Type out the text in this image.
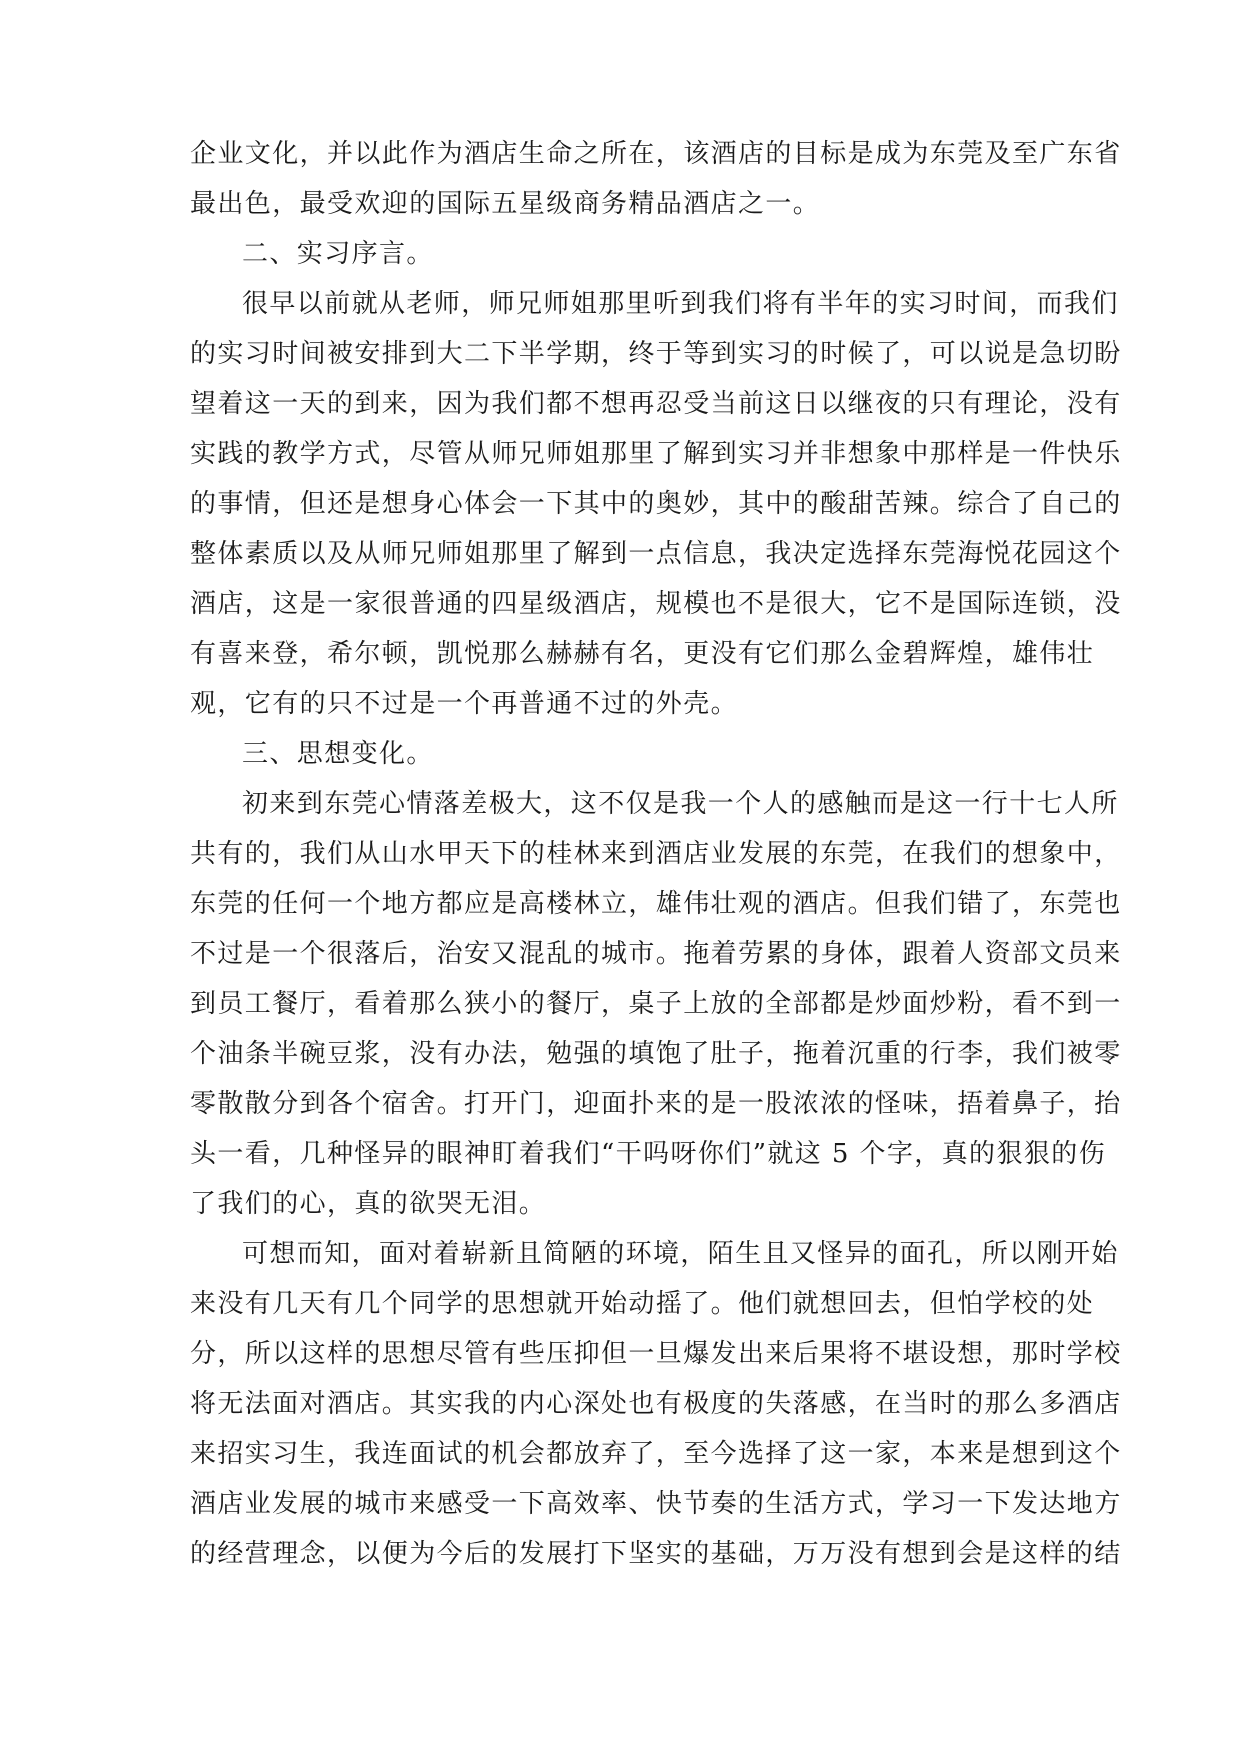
企业文化，并以此作为酒店生命之所在，该酒店的目标是成为东莞及至广东省
最出色，最受欢迎的国际五星级商务精品酒店之一。
二、实习序言。
很早以前就从老师，师兄师姐那里听到我们将有半年的实习时间，而我们
的实习时间被安排到大二下半学期，终于等到实习的时候了，可以说是急切盼
望着这一天的到来，因为我们都不想再忍受当前这日以继夜的只有理论，没有
实践的教学方式，尽管从师兄师姐那里了解到实习并非想象中那样是一件快乐
的事情，但还是想身心体会一下其中的奥妙，其中的酸甜苦辣。综合了自己的
整体素质以及从师兄师姐那里了解到一点信息，我决定选择东莞海悦花园这个
酒店，这是一家很普通的四星级酒店，规模也不是很大，它不是国际连锁，没
有喜来登，希尔顿，凯悦那么赫赫有名，更没有它们那么金碧辉煌，雄伟壮
观，它有的只不过是一个再普通不过的外壳。
三、思想变化。
初来到东莞心情落差极大，这不仅是我一个人的感触而是这一行十七人所
共有的，我们从山水甲天下的桂林来到酒店业发展的东莞，在我们的想象中，
东莞的任何一个地方都应是高楼林立，雄伟壮观的酒店。但我们错了，东莞也
不过是一个很落后，治安又混乱的城市。拖着劳累的身体，跟着人资部文员来
到员工餐厅，看着那么狭小的餐厅，桌子上放的全部都是炒面炒粉，看不到一
个油条半碗豆浆，没有办法，勉强的填饱了肚子，拖着沉重的行李，我们被零
零散散分到各个宿舍。打开门，迎面扑来的是一股浓浓的怪味，捂着鼻子，抬
头一看，几种怪异的眼神盯着我们“干吗呀你们”就这 5 个字，真的狠狠的伤
了我们的心，真的欲哭无泪。
可想而知，面对着崭新且简陋的环境，陌生且又怪异的面孔，所以刚开始
来没有几天有几个同学的思想就开始动摇了。他们就想回去，但怕学校的处
分，所以这样的思想尽管有些压抑但一旦爆发出来后果将不堪设想，那时学校
将无法面对酒店。其实我的内心深处也有极度的失落感，在当时的那么多酒店
来招实习生，我连面试的机会都放弃了，至今选择了这一家，本来是想到这个
酒店业发展的城市来感受一下高效率、快节奏的生活方式，学习一下发达地方
的经营理念，以便为今后的发展打下坚实的基础，万万没有想到会是这样的结
